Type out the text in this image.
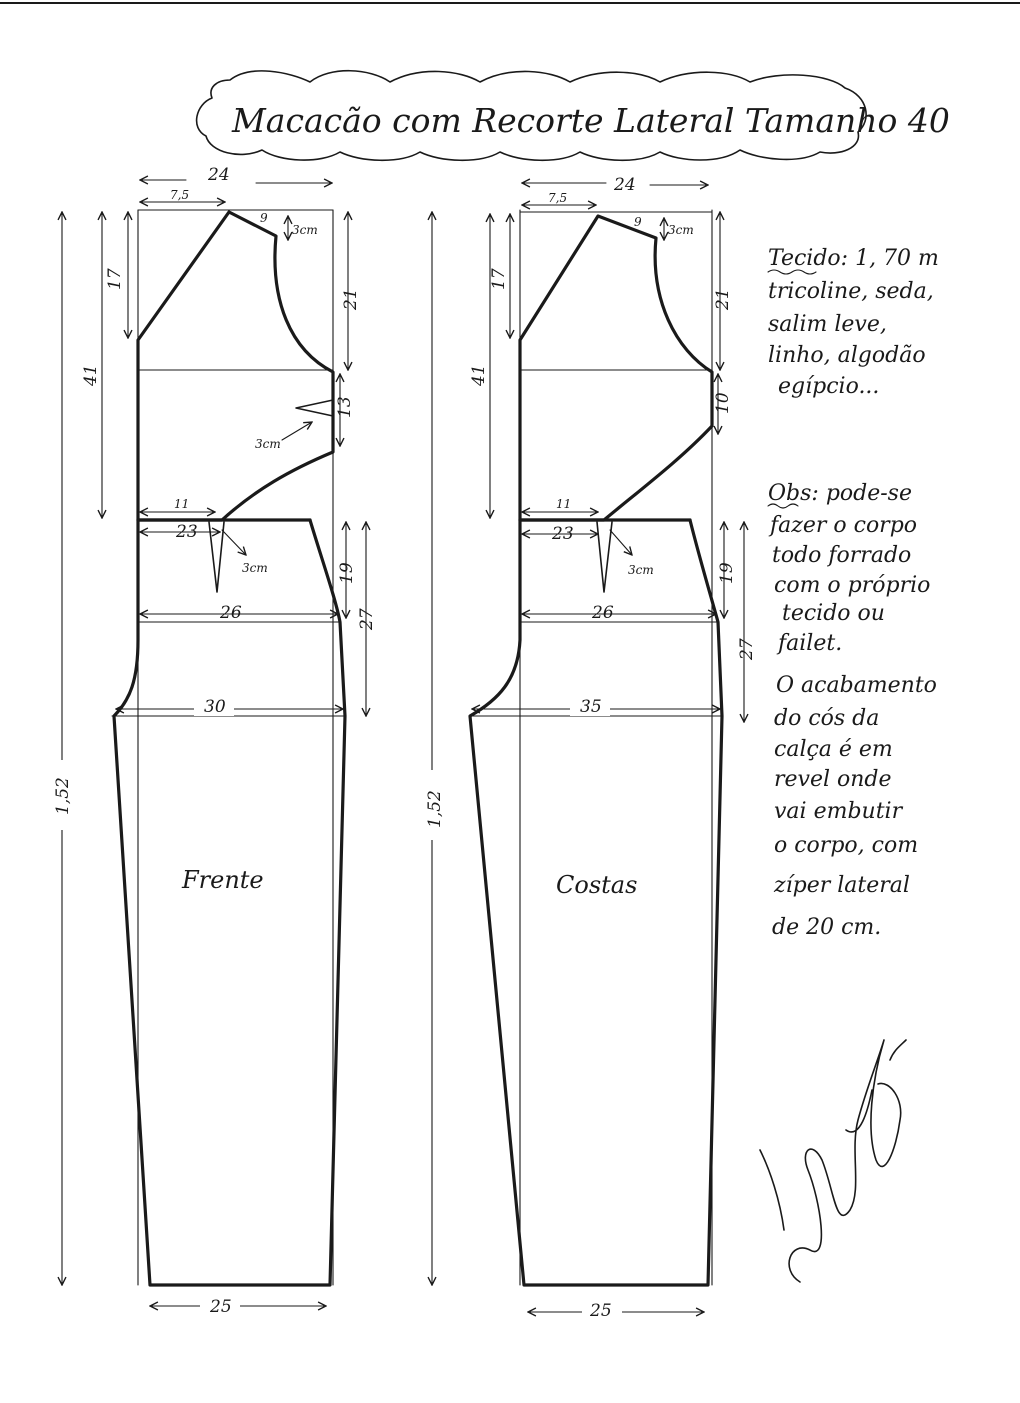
Macacão com Recorte Lateral Tamanho 40
24
7,5
9
3cm
17
41
21
3cm
13
11
23
3cm
26
19
27
30
1,52
25
Frente
24
7,5
9
3cm
17
41
21
10
11
23
3cm
26
19
27
35
1,52
25
Costas
Tecido: 1, 70 m
tricoline, seda,
salim leve,
linho, algodão
egípcio...
Obs: pode-se
fazer o corpo
todo forrado
com o próprio
tecido ou
failet.
O acabamento
do cós da
calça é em
revel onde
vai embutir
o corpo, com
zíper lateral
de 20 cm.
